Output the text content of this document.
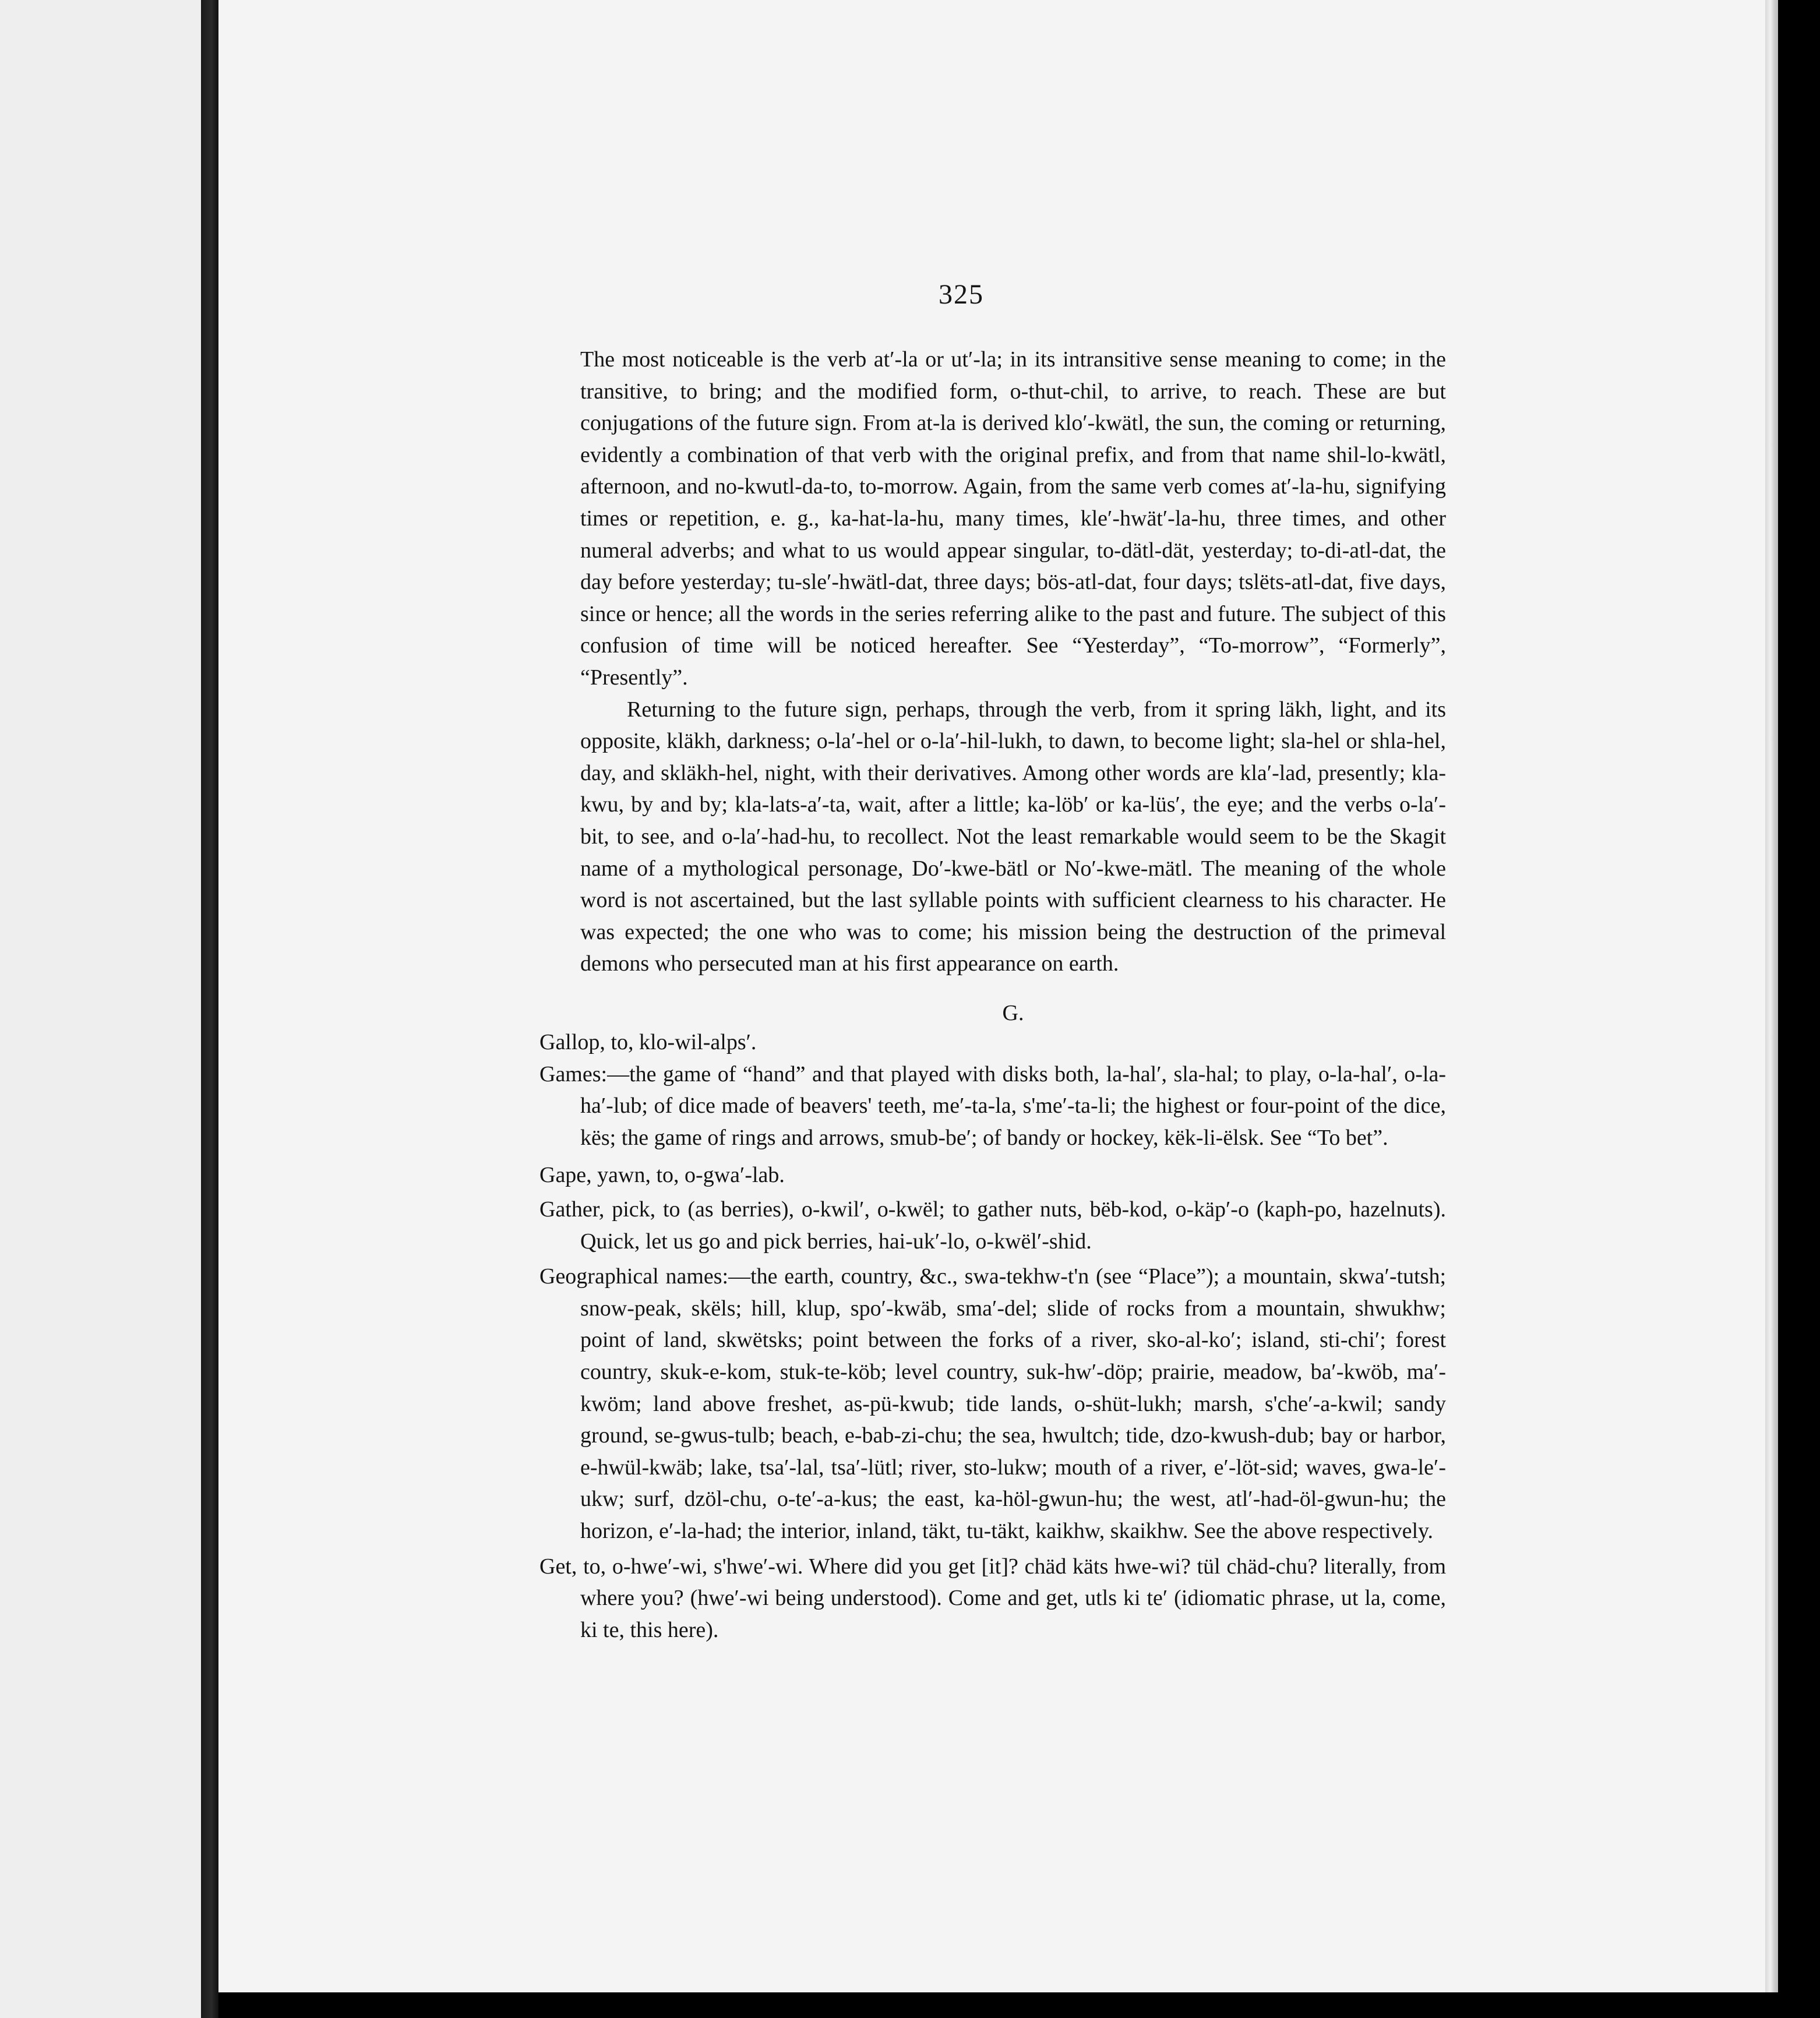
325

The most noticeable is the verb at′-la or ut′-la; in its intransitive sense meaning to come; in the transitive, to bring; and the modified form, o-thut-chil, to arrive, to reach. These are but conjugations of the future sign. From at-la is derived klo′-kwätl, the sun, the coming or returning, evidently a combination of that verb with the original prefix, and from that name shil-lo-kwätl, afternoon, and no-kwutl-da-to, to-morrow. Again, from the same verb comes at′-la-hu, signifying times or repetition, e. g., ka-hat-la-hu, many times, kle′-hwät′-la-hu, three times, and other numeral adverbs; and what to us would appear singular, to-dätl-dät, yesterday; to-di-atl-dat, the day before yesterday; tu-sle′-hwätl-dat, three days; bös-atl-dat, four days; tslëts-atl-dat, five days, since or hence; all the words in the series referring alike to the past and future. The subject of this confusion of time will be noticed hereafter. See “Yesterday”, “To-morrow”, “Formerly”, “Presently”.

Returning to the future sign, perhaps, through the verb, from it spring läkh, light, and its opposite, kläkh, darkness; o-la′-hel or o-la′-hil-lukh, to dawn, to become light; sla-hel or shla-hel, day, and skläkh-hel, night, with their derivatives. Among other words are kla′-lad, presently; kla-kwu, by and by; kla-lats-a′-ta, wait, after a little; ka-löb′ or ka-lüs′, the eye; and the verbs o-la′-bit, to see, and o-la′-had-hu, to recollect. Not the least remarkable would seem to be the Skagit name of a mythological personage, Do′-kwe-bätl or No′-kwe-mätl. The meaning of the whole word is not ascertained, but the last syllable points with sufficient clearness to his character. He was expected; the one who was to come; his mission being the destruction of the primeval demons who persecuted man at his first appearance on earth.

G.

Gallop, to, klo-wil-alps′.

Games:—the game of “hand” and that played with disks both, la-hal′, sla-hal; to play, o-la-hal′, o-la-ha′-lub; of dice made of beavers' teeth, me′-ta-la, s'me′-ta-li; the highest or four-point of the dice, kës; the game of rings and arrows, smub-be′; of bandy or hockey, këk-li-ëlsk. See “To bet”.

Gape, yawn, to, o-gwa′-lab.

Gather, pick, to (as berries), o-kwil′, o-kwël; to gather nuts, bëb-kod, o-käp′-o (kaph-po, hazelnuts). Quick, let us go and pick berries, hai-uk′-lo, o-kwël′-shid.

Geographical names:—the earth, country, &c., swa-tekhw-t'n (see “Place”); a mountain, skwa′-tutsh; snow-peak, skëls; hill, klup, spo′-kwäb, sma′-del; slide of rocks from a mountain, shwukhw; point of land, skwëtsks; point between the forks of a river, sko-al-ko′; island, sti-chi′; forest country, skuk-e-kom, stuk-te-köb; level country, suk-hw′-döp; prairie, meadow, ba′-kwöb, ma′-kwöm; land above freshet, as-pü-kwub; tide lands, o-shüt-lukh; marsh, s'che′-a-kwil; sandy ground, se-gwus-tulb; beach, e-bab-zi-chu; the sea, hwultch; tide, dzo-kwush-dub; bay or harbor, e-hwül-kwäb; lake, tsa′-lal, tsa′-lütl; river, sto-lukw; mouth of a river, e′-löt-sid; waves, gwa-le′-ukw; surf, dzöl-chu, o-te′-a-kus; the east, ka-höl-gwun-hu; the west, atl′-had-öl-gwun-hu; the horizon, e′-la-had; the interior, inland, täkt, tu-täkt, kaikhw, skaikhw. See the above respectively.

Get, to, o-hwe′-wi, s'hwe′-wi. Where did you get [it]? chäd käts hwe-wi? tül chäd-chu? literally, from where you? (hwe′-wi being understood). Come and get, utls ki te′ (idiomatic phrase, ut la, come, ki te, this here).
